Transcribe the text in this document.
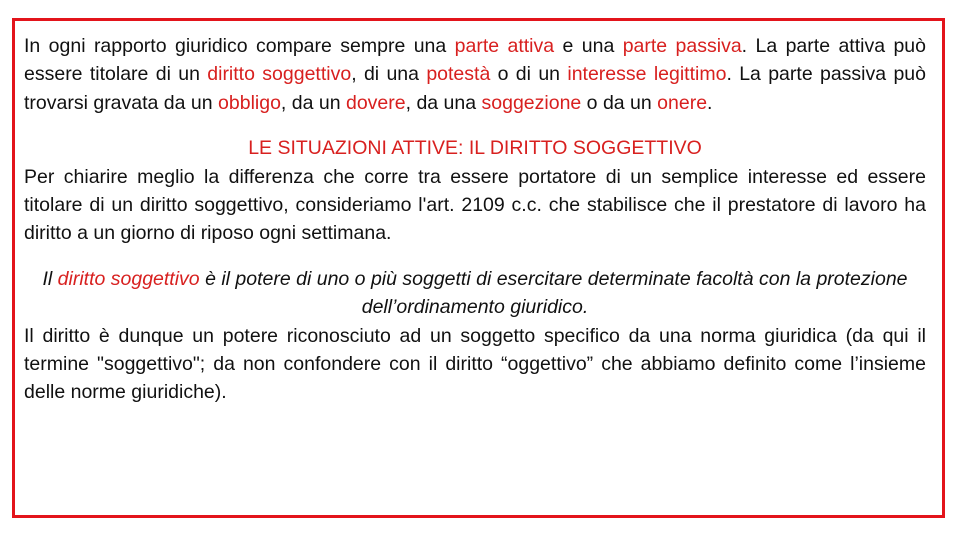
In ogni rapporto giuridico compare sempre una parte attiva e una parte passiva. La parte attiva può essere titolare di un diritto soggettivo, di una potestà o di un interesse legittimo. La parte passiva può trovarsi gravata da un obbligo, da un dovere, da una soggezione o da un onere.

LE SITUAZIONI ATTIVE: IL DIRITTO SOGGETTIVO

Per chiarire meglio la differenza che corre tra essere portatore di un semplice interesse ed essere titolare di un diritto soggettivo, consideriamo l'art. 2109 c.c. che stabilisce che il prestatore di lavoro ha diritto a un giorno di riposo ogni settimana.

Il diritto soggettivo è il potere di uno o più soggetti di esercitare determinate facoltà con la protezione dell’ordinamento giuridico.

Il diritto è dunque un potere riconosciuto ad un soggetto specifico da una norma giuridica (da qui il termine "soggettivo"; da non confondere con il diritto “oggettivo” che abbiamo definito come l’insieme delle norme giuridiche).
